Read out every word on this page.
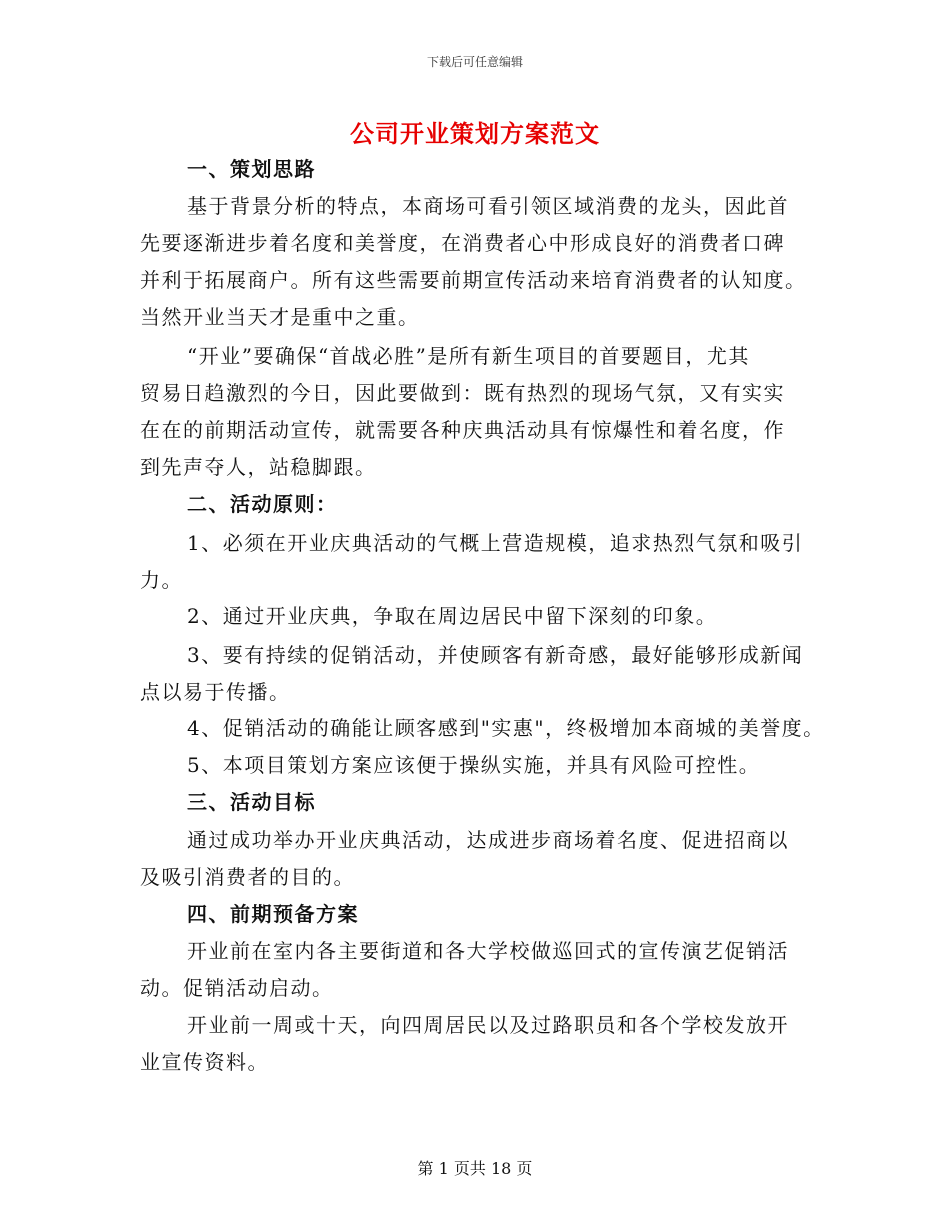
下载后可任意编辑
公司开业策划方案范文
一、策划思路
基于背景分析的特点，本商场可看引领区域消费的龙头，因此首
先要逐渐进步着名度和美誉度，在消费者心中形成良好的消费者口碑
并利于拓展商户。所有这些需要前期宣传活动来培育消费者的认知度。
当然开业当天才是重中之重。
“开业”要确保“首战必胜”是所有新生项目的首要题目，尤其
贸易日趋激烈的今日，因此要做到：既有热烈的现场气氛，又有实实
在在的前期活动宣传，就需要各种庆典活动具有惊爆性和着名度，作
到先声夺人，站稳脚跟。
二、活动原则：
1、必须在开业庆典活动的气概上营造规模，追求热烈气氛和吸引
力。
2、通过开业庆典，争取在周边居民中留下深刻的印象。
3、要有持续的促销活动，并使顾客有新奇感，最好能够形成新闻
点以易于传播。
4、促销活动的确能让顾客感到"实惠"，终极增加本商城的美誉度。
5、本项目策划方案应该便于操纵实施，并具有风险可控性。
三、活动目标
通过成功举办开业庆典活动，达成进步商场着名度、促进招商以
及吸引消费者的目的。
四、前期预备方案
开业前在室内各主要街道和各大学校做巡回式的宣传演艺促销活
动。促销活动启动。
开业前一周或十天，向四周居民以及过路职员和各个学校发放开
业宣传资料。
第 1 页共 18 页
